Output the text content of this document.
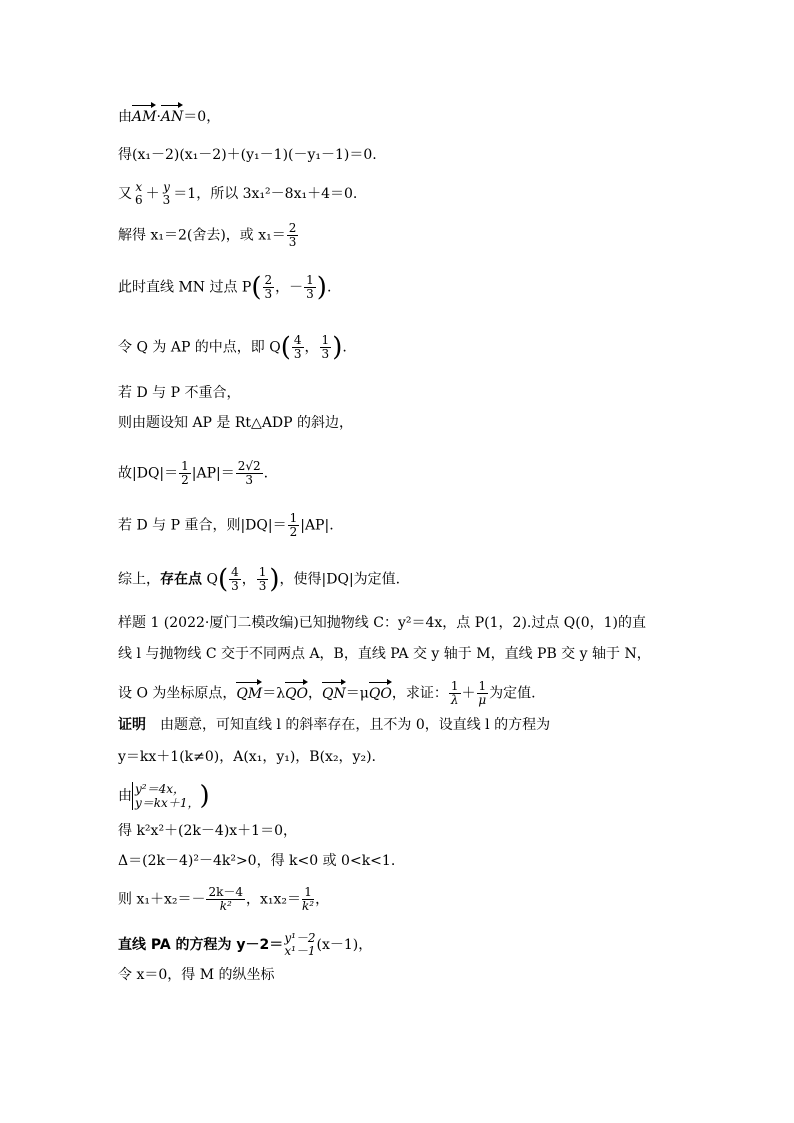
由AM·AN＝0，
得(x₁－2)(x₁－2)＋(y₁－1)(－y₁－1)＝0.
又 x
6 ＋ y
3 ＝1，所以 3x₁²－8x₁＋4＝0.
解得 x₁＝2(舍去)，或 $x_1= \frac{2}{3}$
此时直线 MN 过点 $P( \frac{2}{3}$ ，－ $\frac{1}{3}$ ).
令 Q 为 AP 的中点，即 $Q( \frac{4}{3}$ ， $\frac{1}{3}$ ).
若 D 与 P 不重合，
则由题设知 AP 是 Rt△ADP 的斜边，
故$|DQ|= \frac{1}{2} |AP|= \frac{2√2}{3}$ .
若 D 与 P 重合，则$|DQ|= \frac{1}{2} |AP|$.
综上，存在点 $Q( \frac{4}{3}$ ， $\frac{1}{3}$ )，使得|DQ|为定值.
样题 1 (2022·厦门二模改编)已知抛物线 C：y²＝4x，点 P(1，2).过点 Q(0，1)的直
线 l 与抛物线 C 交于不同两点 A，B，直线 PA 交 y 轴于 M，直线 PB 交 y 轴于 N，
设 O 为坐标原点，QM＝λQO，QN＝μQO，求证： $\frac{1}{\lambda} + \frac{1}{\mu}$ 为定值.
证明　由题意，可知直线 l 的斜率存在，且不为 0，设直线 l 的方程为
y＝kx＋1(k≠0)，A(x₁，y₁)，B(x₂，y₂).
由 y²＝4x，
y＝kx＋1， )
得 k²x²＋(2k－4)x＋1＝0，
Δ＝(2k－4)²－4k²>0，得 k<0 或 0<k<1.
则 $x_1+x_2=- \frac{2k-4}{\text{k²}}$ ，$x_1x_2= \frac{1}{\text{k²}}$ ，
直线 PA 的方程为 y－2＝ y¹－2
x¹－1 (x－1)，
令 x＝0，得 M 的纵坐标
